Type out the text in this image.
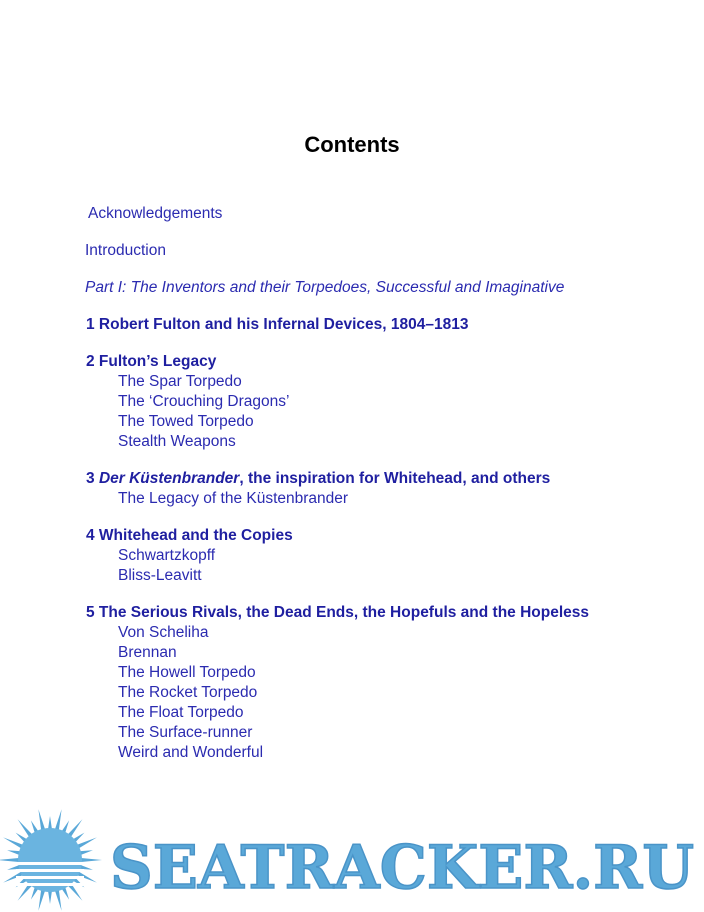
Contents

Acknowledgements

Introduction

Part I: The Inventors and their Torpedoes, Successful and Imaginative

1 Robert Fulton and his Infernal Devices, 1804–1813

2 Fulton’s Legacy

The Spar Torpedo

The ‘Crouching Dragons’

The Towed Torpedo

Stealth Weapons

3 Der Küstenbrander, the inspiration for Whitehead, and others

The Legacy of the Küstenbrander

4 Whitehead and the Copies

Schwartzkopff

Bliss-Leavitt

5 The Serious Rivals, the Dead Ends, the Hopefuls and the Hopeless

Von Scheliha

Brennan

The Howell Torpedo

The Rocket Torpedo

The Float Torpedo

The Surface-runner

Weird and Wonderful

SEATRACKER.RU
